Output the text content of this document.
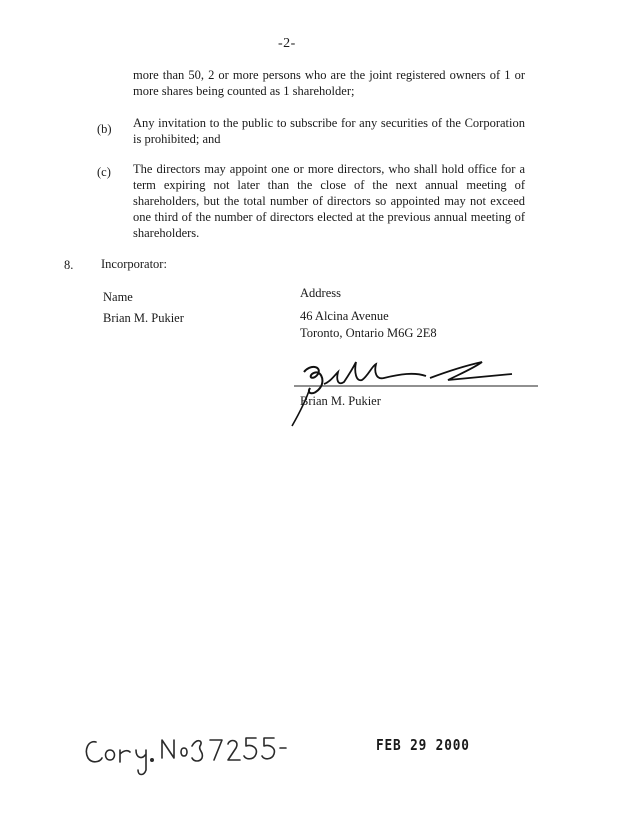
-2-

more than 50, 2 or more persons who are the joint registered owners of 1 or more shares being counted as 1 shareholder;

(b) Any invitation to the public to subscribe for any securities of the Corporation is prohibited; and

(c) The directors may appoint one or more directors, who shall hold office for a term expiring not later than the close of the next annual meeting of shareholders, but the total number of directors so appointed may not exceed one third of the number of directors elected at the previous annual meeting of shareholders.

8. Incorporator:
Name
Brian M. Pukier
Address
46 Alcina Avenue
Toronto, Ontario M6G 2E8
Brian M. Pukier
FEB 29 2000
